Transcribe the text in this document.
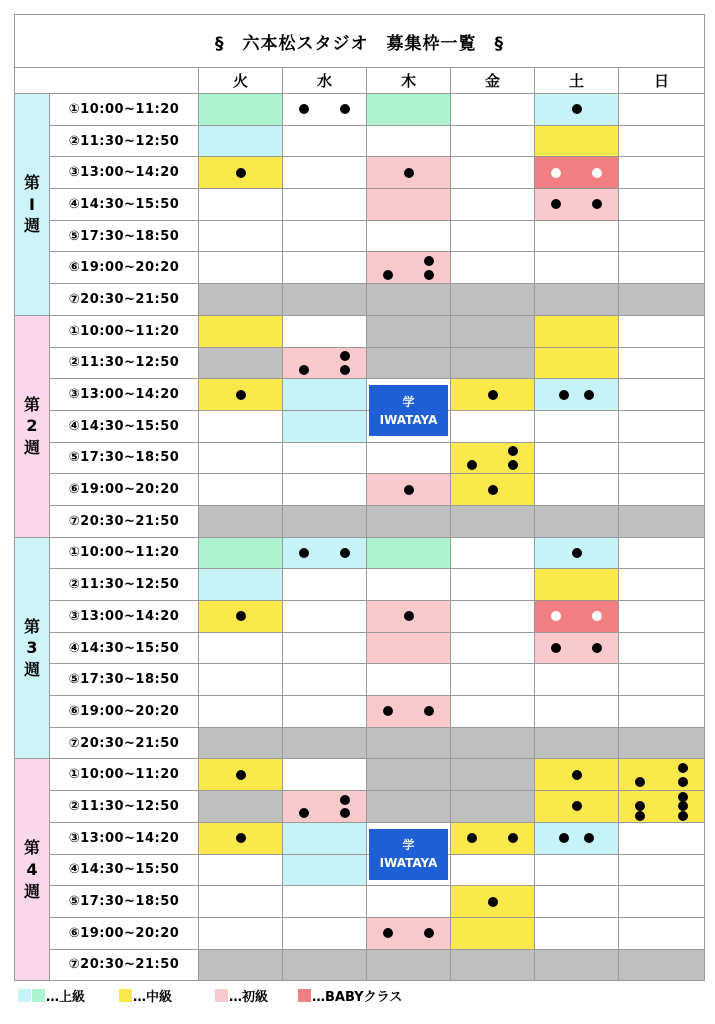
§　六本松スタジオ　募集枠一覧　§							
		火	水	木	金	土	日

第
Ⅰ
週	①10:00~11:20		

	②11:30~12:50						
	③13:00~14:20	

	④14:30~15:50					

	⑤17:30~18:50						
	⑥19:00~20:20			

	⑦20:30~21:50						

第
2
週	①10:00~11:20						
	②11:30~12:50		

	③13:00~14:20			学
IWATAYA			

	④14:30~15:50						
	⑤17:30~18:50				

	⑥19:00~20:20			

	⑦20:30~21:50						

第
3
週	①10:00~11:20		

	②11:30~12:50						
	③13:00~14:20	

	④14:30~15:50					

	⑤17:30~18:50						
	⑥19:00~20:20			

	⑦20:30~21:50						

第
4
週	①10:00~11:20	

	②11:30~12:50		

	③13:00~14:20			学
IWATAYA			

	④14:30~15:50						
	⑤17:30~18:50				

	⑥19:00~20:20			

	⑦20:30~21:50						
…上級	…中級	…初級	…BABYクラス
